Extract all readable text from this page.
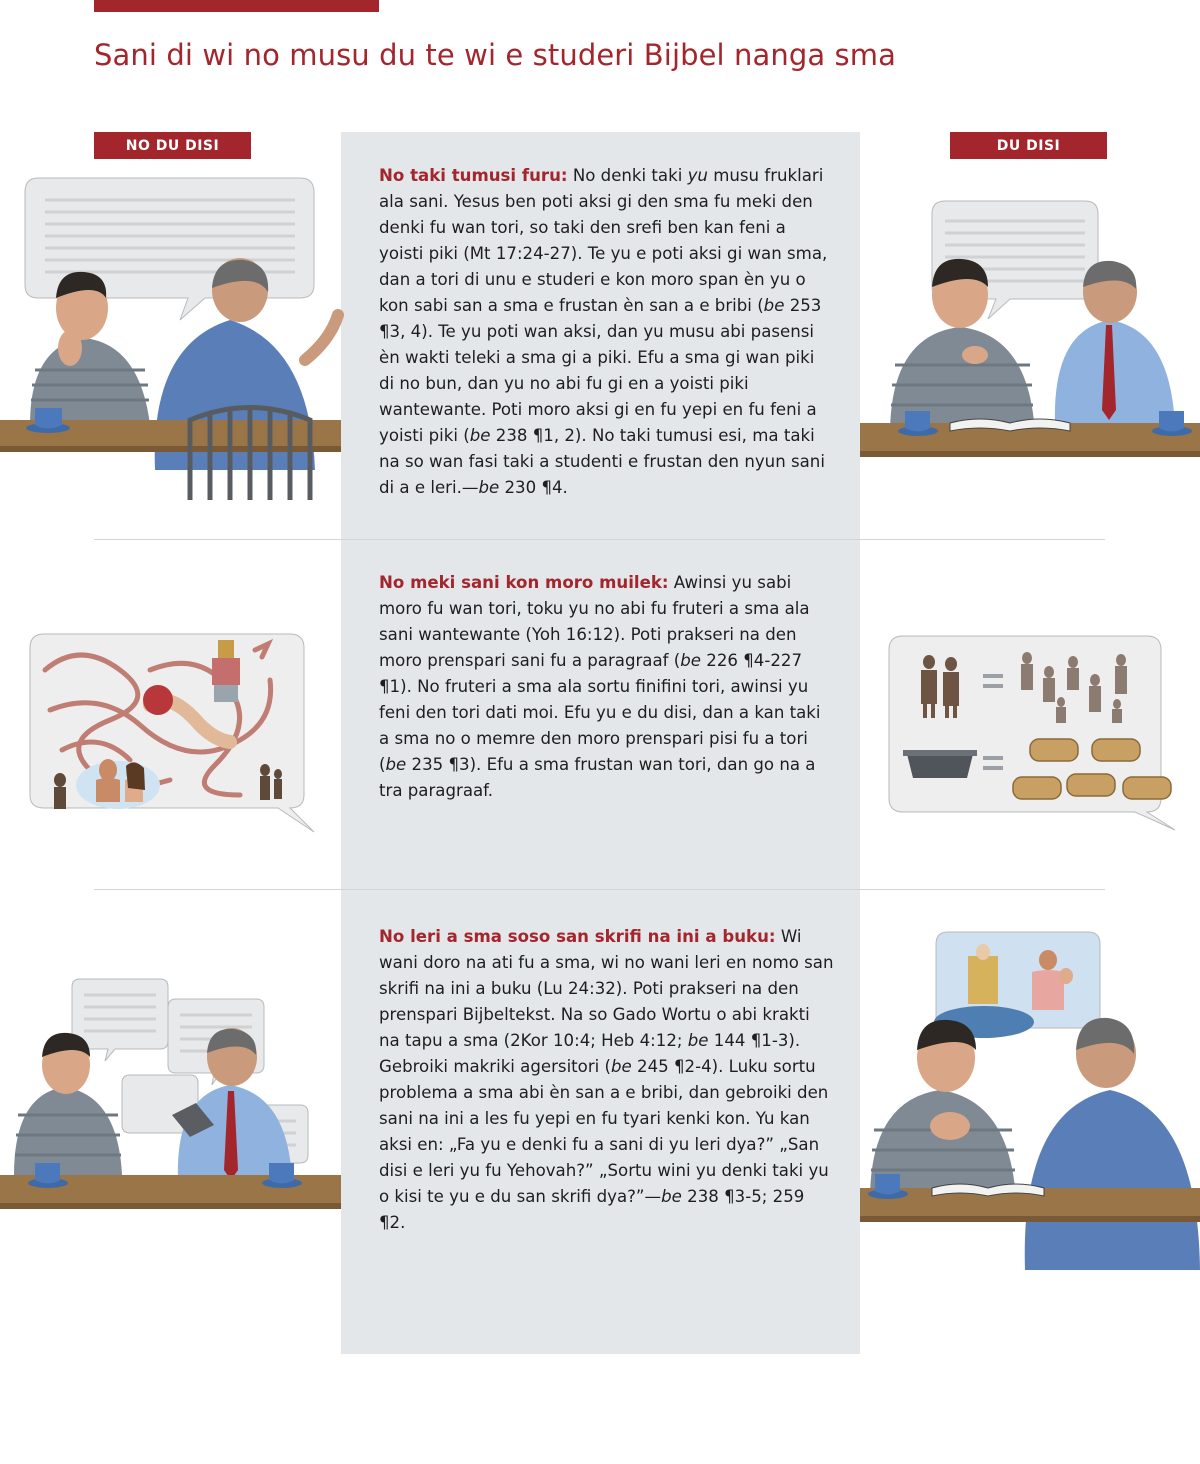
Sani di wi no musu du te wi e studeri Bijbel nanga sma
NO DU DISI	DU DISI

No taki tumusi furu: No denki taki yu musu fruklari ala sani. Yesus ben poti aksi gi den sma fu meki den denki fu wan tori, so taki den srefi ben kan feni a yoisti piki (Mt 17:24-27). Te yu e poti aksi gi wan sma, dan a tori di unu e studeri e kon moro span èn yu o kon sabi san a sma e frustan èn san a e bribi (be 253 ¶3, 4). Te yu poti wan aksi, dan yu musu abi pasensi èn wakti teleki a sma gi a piki. Efu a sma gi wan piki di no bun, dan yu no abi fu gi en a yoisti piki wantewante. Poti moro aksi gi en fu yepi en fu feni a yoisti piki (be 238 ¶1, 2). No taki tumusi esi, ma taki na so wan fasi taki a studenti e frustan den nyun sani di a e leri.—be 230 ¶4.

No meki sani kon moro muilek: Awinsi yu sabi moro fu wan tori, toku yu no abi fu fruteri a sma ala sani wantewante (Yoh 16:12). Poti prakseri na den moro prenspari sani fu a paragraaf (be 226 ¶4-227 ¶1). No fruteri a sma ala sortu finifini tori, awinsi yu feni den tori dati moi. Efu yu e du disi, dan a kan taki a sma no o memre den moro prenspari pisi fu a tori (be 235 ¶3). Efu a sma frustan wan tori, dan go na a tra paragraaf.

No leri a sma soso san skrifi na ini a buku: Wi wani doro na ati fu a sma, wi no wani leri en nomo san skrifi na ini a buku (Lu 24:32). Poti prakseri na den prenspari Bijbeltekst. Na so Gado Wortu o abi krakti na tapu a sma (2Kor 10:4; Heb 4:12; be 144 ¶1-3). Gebroiki makriki agersitori (be 245 ¶2-4). Luku sortu problema a sma abi èn san a e bribi, dan gebroiki den sani na ini a les fu yepi en fu tyari kenki kon. Yu kan aksi en: „Fa yu e denki fu a sani di yu leri dya?” „San disi e leri yu fu Yehovah?” „Sortu wini yu denki taki yu o kisi te yu e du san skrifi dya?”—be 238 ¶3-5; 259 ¶2.
